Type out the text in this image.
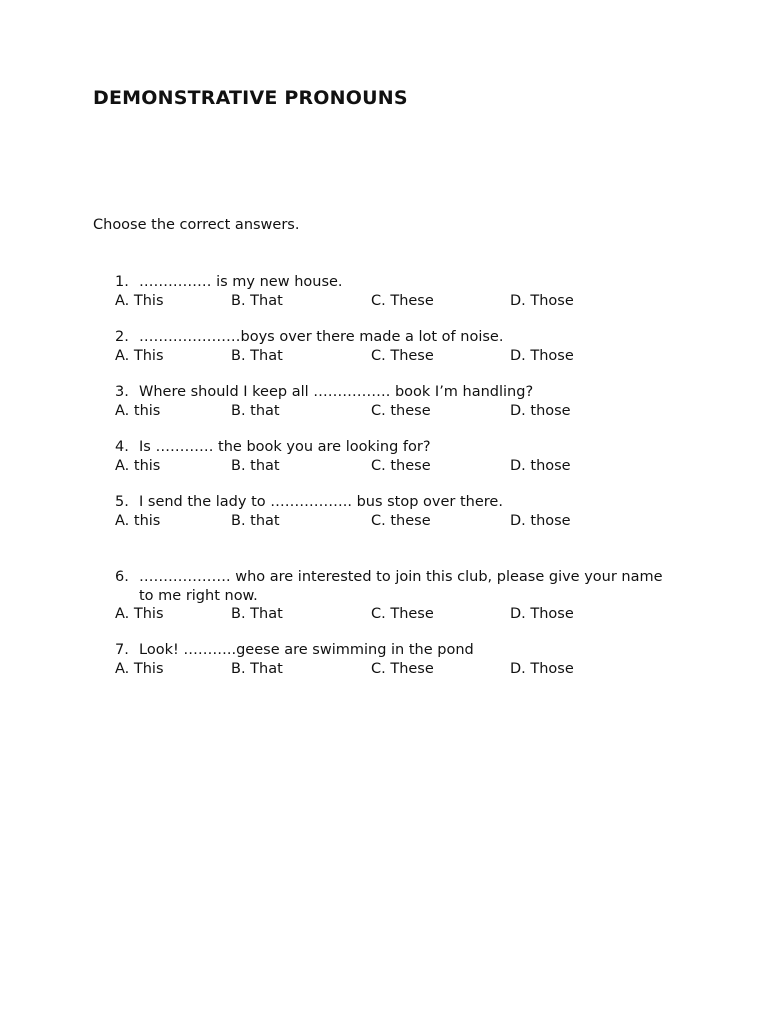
DEMONSTRATIVE PRONOUNS
Choose the correct answers.
1. …………… is my new house.
A. This	B. That	C. These	D. Those
2. …………………boys over there made a lot of noise.
A. This	B. That	C. These	D. Those
3. Where should I keep all ……………. book I’m handling?
A. this	B. that	C. these	D. those
4. Is ………… the book you are looking for?
A. this	B. that	C. these	D. those
5. I send the lady to …………….. bus stop over there.
A. this	B. that	C. these	D. those
6. ………………. who are interested to join this club, please give your name to me right now.
A. This	B. That	C. These	D. Those
7. Look! ………..geese are swimming in the pond
A. This	B. That	C. These	D. Those
